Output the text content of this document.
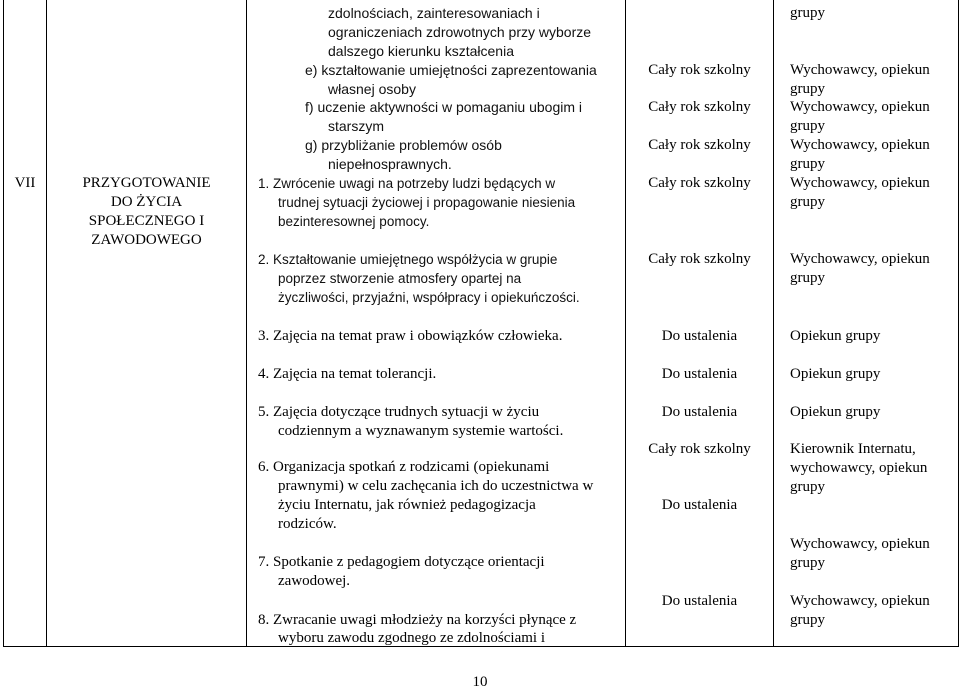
VII	PRZYGOTOWANIE
DO ŻYCIA
SPOŁECZNEGO I
ZAWODOWEGO
zdolnościach, zainteresowaniach i
ograniczeniach zdrowotnych przy wyborze
dalszego kierunku kształcenia
e) kształtowanie umiejętności zaprezentowania
własnej osoby
f) uczenie aktywności w pomaganiu ubogim i
starszym
g) przybliżanie problemów osób
niepełnosprawnych.
1. Zwrócenie uwagi na potrzeby ludzi będących w
trudnej sytuacji życiowej i propagowanie niesienia
bezinteresownej pomocy.
2. Kształtowanie umiejętnego współżycia w grupie
poprzez stworzenie atmosfery opartej na
życzliwości, przyjaźni, współpracy i opiekuńczości.
3. Zajęcia na temat praw i obowiązków człowieka.
4. Zajęcia na temat tolerancji.
5. Zajęcia dotyczące trudnych sytuacji w życiu
codziennym a wyznawanym systemie wartości.
6. Organizacja spotkań z rodzicami (opiekunami
prawnymi) w celu zachęcania ich do uczestnictwa w
życiu Internatu, jak również pedagogizacja
rodziców.
7. Spotkanie z pedagogiem dotyczące orientacji
zawodowej.
8. Zwracanie uwagi młodzieży na korzyści płynące z
wyboru zawodu zgodnego ze zdolnościami i
Cały rok szkolny
Cały rok szkolny
Cały rok szkolny
Cały rok szkolny
Cały rok szkolny
Do ustalenia
Do ustalenia
Do ustalenia
Cały rok szkolny
Do ustalenia
Do ustalenia
grupy
Wychowawcy, opiekun
grupy
Wychowawcy, opiekun
grupy
Wychowawcy, opiekun
grupy
Wychowawcy, opiekun
grupy
Wychowawcy, opiekun
grupy
Opiekun grupy
Opiekun grupy
Opiekun grupy
Kierownik Internatu,
wychowawcy, opiekun
grupy
Wychowawcy, opiekun
grupy
Wychowawcy, opiekun
grupy
10
